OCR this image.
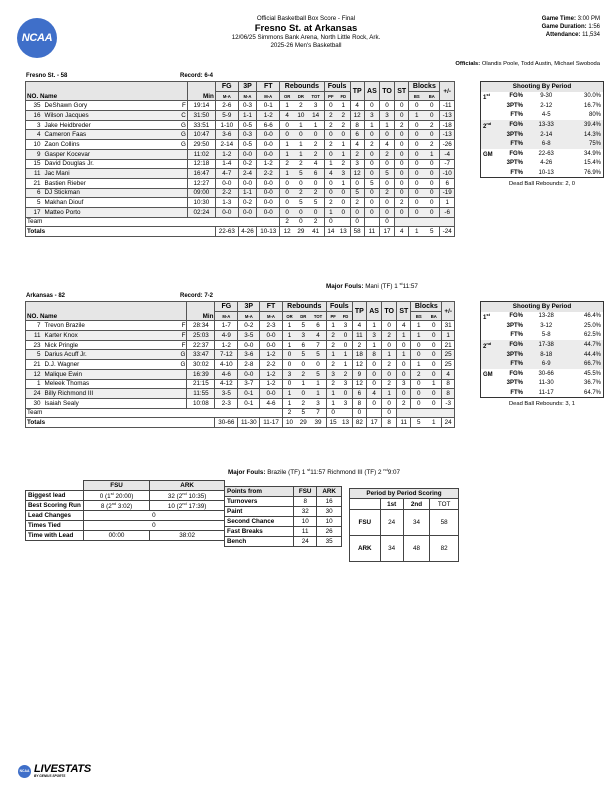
NCAA
Official Basketball Box Score - Final
Fresno St. at Arkansas
12/06/25 Simmons Bank Arena, North Little Rock, Ark.
2025-26 Men's Basketball
Game Time: 3:00 PM
Game Duration: 1:56
Attendance: 11,534
Officials: Olandis Poole, Todd Austin, Michael Swoboda
Fresno St. - 58	Record: 6-4
NO. Name			Min	FG	3P	FT	Rebounds			Fouls		TP	AS	TO	ST	Blocks		+/-
				M-A	M-A	M-A	OR	DR	TOT	PF	FD					BS	BA	
35	DeShawn Gory	F	19:14	2-6	0-3	0-1	1	2	3	0	1	4	0	0	0	0	0	-11
16	Wilson Jacques	C	31:50	5-9	1-1	1-2	4	10	14	2	2	12	3	3	0	1	0	-13
3	Jake Heidbreder	G	33:51	1-10	0-5	6-6	0	1	1	2	2	8	1	1	2	0	2	-18
4	Cameron Faas	G	10:47	3-6	0-3	0-0	0	0	0	0	0	6	0	0	0	0	0	-13
10	Zaon Collins	G	29:50	2-14	0-5	0-0	1	1	2	2	1	4	2	4	0	0	2	-26
9	Gasper Kocevar		11:02	1-2	0-0	0-0	1	1	2	0	1	2	0	2	0	0	1	-4
15	David Douglas Jr.		12:18	1-4	0-2	1-2	2	2	4	1	2	3	0	0	0	0	0	-7
11	Jac Mani		16:47	4-7	2-4	2-2	1	5	6	4	3	12	0	5	0	0	0	-10
21	Bastien Rieber		12:27	0-0	0-0	0-0	0	0	0	0	1	0	5	0	0	0	0	6
6	DJ Stickman		09:00	2-2	1-1	0-0	0	2	2	0	0	5	0	2	0	0	0	-19
5	Makhan Diouf		10:30	1-3	0-2	0-0	0	5	5	2	0	2	0	0	2	0	0	1
17	Matteo Porto		02:24	0-0	0-0	0-0	0	0	0	1	0	0	0	0	0	0	0	-6
Team							2	0	2	0		0		0				
Totals				22-63	4-26	10-13	12	29	41	14	13	58	11	17	4	1	5	-24
Major Fouls: Mani (TF) 1 $^{st}$11:57
Shooting By Period			
1st	FG%	9-30	30.0%
	3PT%	2-12	16.7%
	FT%	4-5	80%
2nd	FG%	13-33	39.4%
	3PT%	2-14	14.3%
	FT%	6-8	75%
GM	FG%	22-63	34.9%
	3PT%	4-26	15.4%
	FT%	10-13	76.9%
Dead Ball Rebounds: 2, 0
Arkansas - 82	Record: 7-2
NO. Name			Min	FG	3P	FT	Rebounds			Fouls		TP	AS	TO	ST	Blocks		+/-
				M-A	M-A	M-A	OR	DR	TOT	PF	FD					BS	BA	
7	Trevon Brazile	F	28:34	1-7	0-2	2-3	1	5	6	1	3	4	1	0	4	1	0	31
11	Karter Knox	F	25:03	4-9	3-5	0-0	1	3	4	2	0	11	3	2	1	1	0	1
23	Nick Pringle	F	22:37	1-2	0-0	0-0	1	6	7	2	0	2	1	0	0	0	0	21
5	Darius Acuff Jr.	G	33:47	7-12	3-6	1-2	0	5	5	1	1	18	8	1	1	0	0	25
21	D.J. Wagner	G	30:02	4-10	2-8	2-2	0	0	0	2	1	12	0	2	0	1	0	25
12	Malique Ewin		16:39	4-6	0-0	1-2	3	2	5	3	2	9	0	0	0	2	0	4
1	Meleek Thomas		21:15	4-12	3-7	1-2	0	1	1	2	3	12	0	2	3	0	1	8
24	Billy Richmond III		11:55	3-5	0-1	0-0	1	0	1	1	0	6	4	1	0	0	0	8
30	Isaiah Sealy		10:08	2-3	0-1	4-6	1	2	3	1	3	8	0	0	2	0	0	-3
Team							2	5	7	0		0		0				
Totals				30-66	11-30	11-17	10	29	39	15	13	82	17	8	11	5	1	24
Major Fouls: Brazile (TF) 1 $^{st}$11:57 Richmond III (TF) 2 $^{nd}$9:07
Shooting By Period			
1st	FG%	13-28	46.4%
	3PT%	3-12	25.0%
	FT%	5-8	62.5%
2nd	FG%	17-38	44.7%
	3PT%	8-18	44.4%
	FT%	6-9	66.7%
GM	FG%	30-66	45.5%
	3PT%	11-30	36.7%
	FT%	11-17	64.7%
Dead Ball Rebounds: 3, 1
	FSU	ARK
Biggest lead	0 (1st 20:00)	32 (2nd 10:35)
Best Scoring Run	8 (2nd 3:02)	10 (2nd 17:39)
Lead Changes	0	
Times Tied	0	
Time with Lead	00:00	38:02
Points from	FSU	ARK
Turnovers	8	16
Paint	32	30
Second Chance	10	10
Fast Breaks	11	26
Bench	24	35
Period by Period Scoring			
	1st	2nd	TOT
FSU	24	34	58
ARK	34	48	82
NCAA LIVESTATS
BY GENIUS SPORTS
